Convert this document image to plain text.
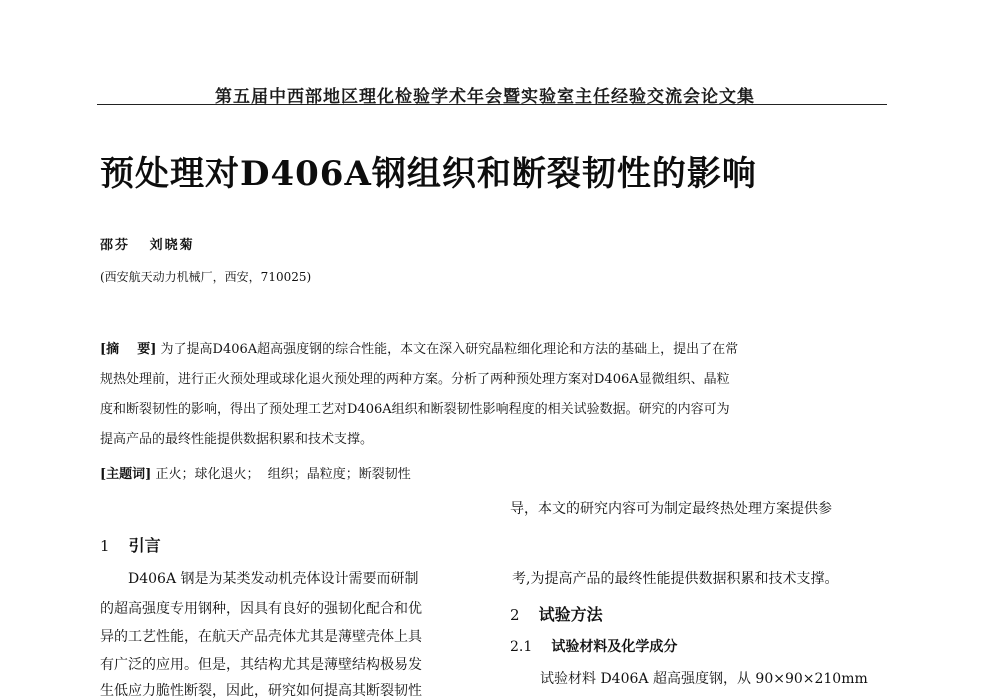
第五届中西部地区理化检验学术年会暨实验室主任经验交流会论文集
预处理对D406A钢组织和断裂韧性的影响
邵芬   刘晓菊
(西安航天动力机械厂，西安，710025)
[摘    要] 为了提高D406A超高强度钢的综合性能，本文在深入研究晶粒细化理论和方法的基础上，提出了在常
规热处理前，进行正火预处理或球化退火预处理的两种方案。分析了两种预处理方案对D406A显微组织、晶粒
度和断裂韧性的影响，得出了预处理工艺对D406A组织和断裂韧性影响程度的相关试验数据。研究的内容可为
提高产品的最终性能提供数据积累和技术支撑。
[主题词] 正火；球化退火；  组织；晶粒度；断裂韧性
导，本文的研究内容可为制定最终热处理方案提供参
1 引言
D406A 钢是为某类发动机壳体设计需要而研制
的超高强度专用钢种，因具有良好的强韧化配合和优
异的工艺性能，在航天产品壳体尤其是薄壁壳体上具
有广泛的应用。但是，其结构尤其是薄壁结构极易发
生低应力脆性断裂，因此，研究如何提高其断裂韧性
考,为提高产品的最终性能提供数据积累和技术支撑。
2 试验方法
2.1 试验材料及化学成分
试验材料 D406A 超高强度钢，从 90×90×210mm
